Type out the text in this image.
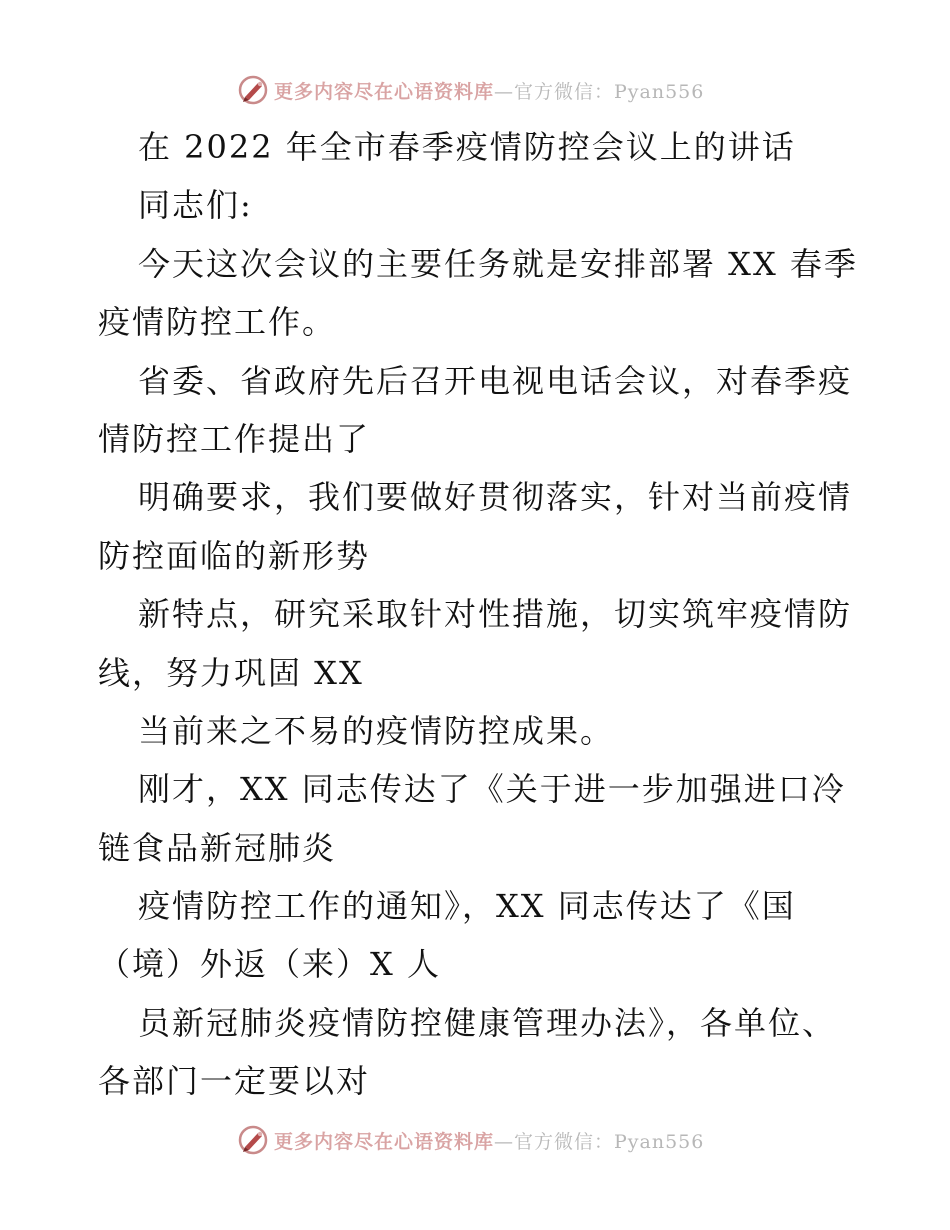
更多内容尽在心语资料库 —官方微信：Pyan556
在 2022 年全市春季疫情防控会议上的讲话
同志们:
今天这次会议的主要任务就是安排部署 XX 春季
疫情防控工作。
省委、省政府先后召开电视电话会议，对春季疫
情防控工作提出了
明确要求，我们要做好贯彻落实，针对当前疫情
防控面临的新形势
新特点，研究采取针对性措施，切实筑牢疫情防
线，努力巩固 XX
当前来之不易的疫情防控成果。
刚才，XX 同志传达了《关于进一步加强进口冷
链食品新冠肺炎
疫情防控工作的通知》，XX 同志传达了《国
（境）外返（来）X 人
员新冠肺炎疫情防控健康管理办法》，各单位、
各部门一定要以对
更多内容尽在心语资料库 —官方微信：Pyan556
